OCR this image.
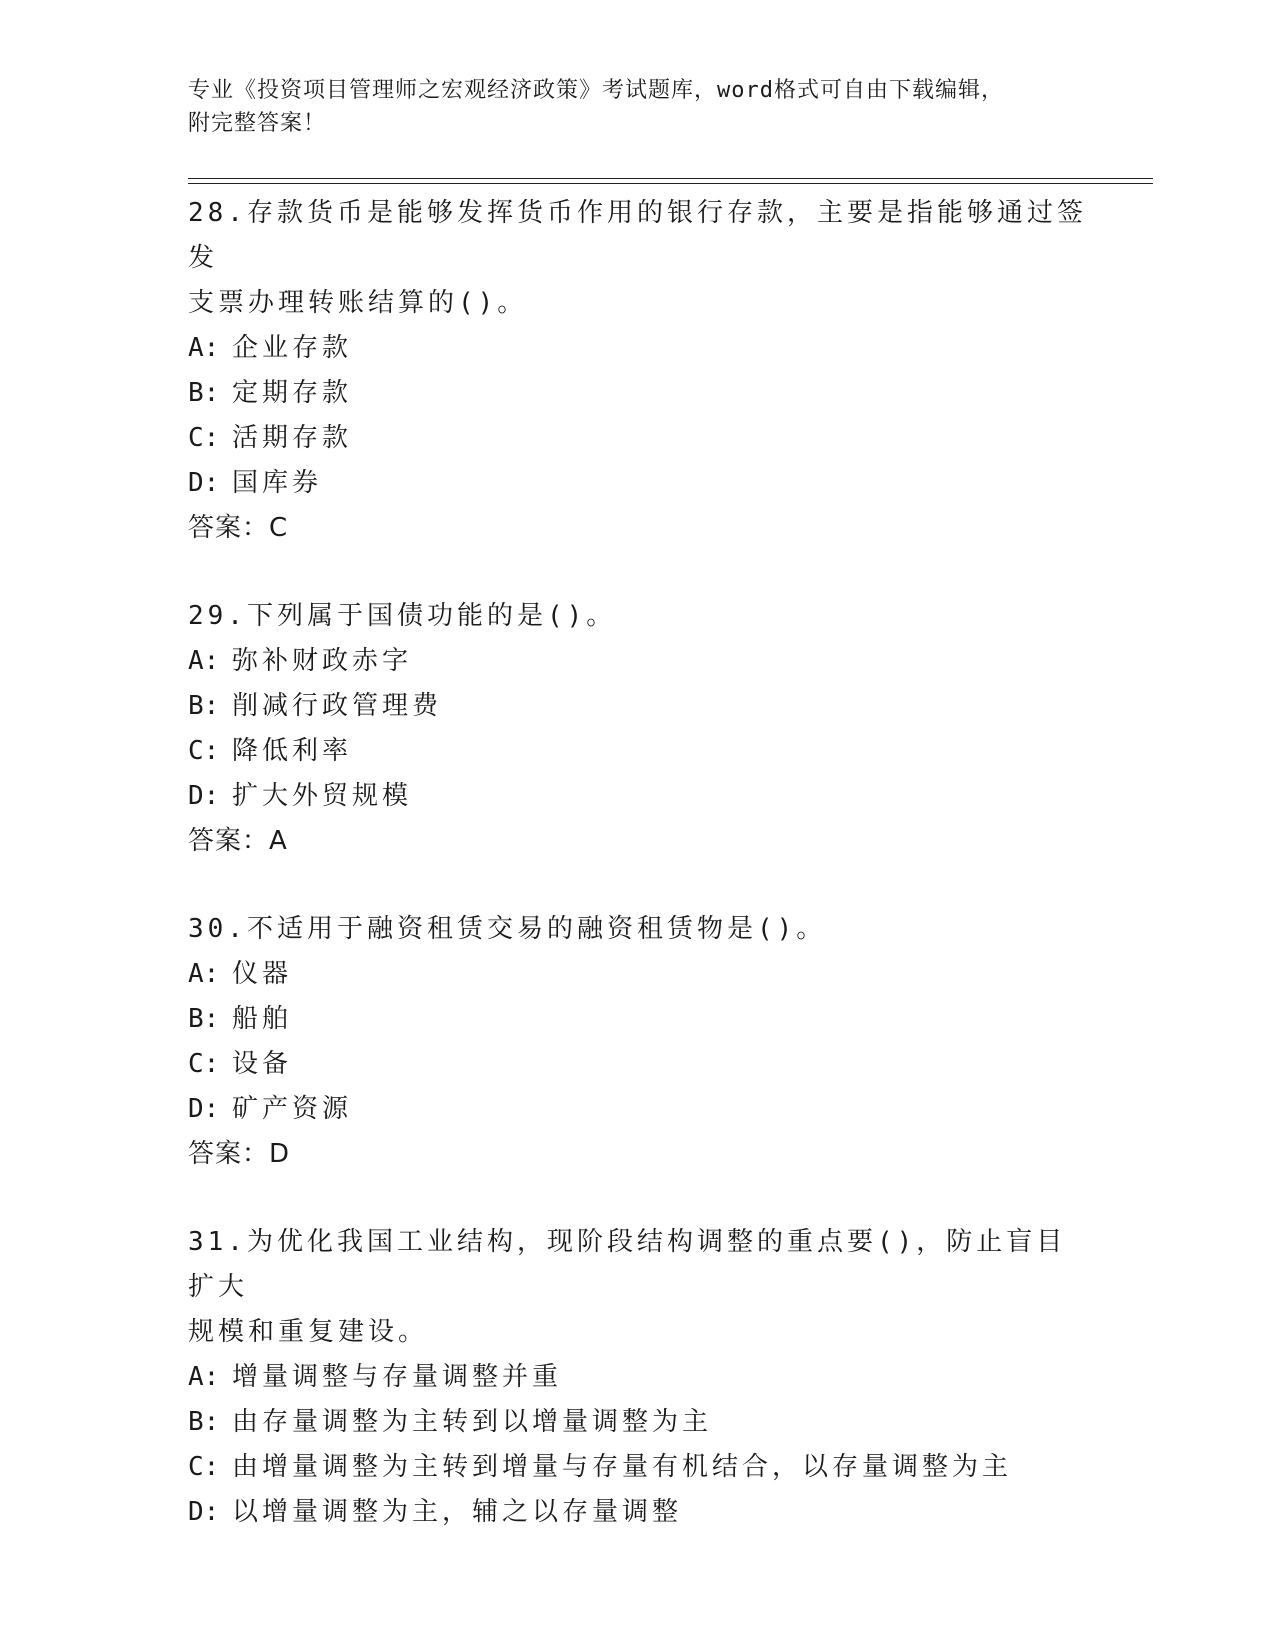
专业《投资项目管理师之宏观经济政策》考试题库，word格式可自由下载编辑，
附完整答案！
28.存款货币是能够发挥货币作用的银行存款，主要是指能够通过签发
支票办理转账结算的()。
A: 企业存款
B: 定期存款
C: 活期存款
D: 国库券
答案：C
29.下列属于国债功能的是()。
A: 弥补财政赤字
B: 削减行政管理费
C: 降低利率
D: 扩大外贸规模
答案：A
30.不适用于融资租赁交易的融资租赁物是()。
A: 仪器
B: 船舶
C: 设备
D: 矿产资源
答案：D
31.为优化我国工业结构，现阶段结构调整的重点要()，防止盲目扩大
规模和重复建设。
A: 增量调整与存量调整并重
B: 由存量调整为主转到以增量调整为主
C: 由增量调整为主转到增量与存量有机结合，以存量调整为主
D: 以增量调整为主，辅之以存量调整
